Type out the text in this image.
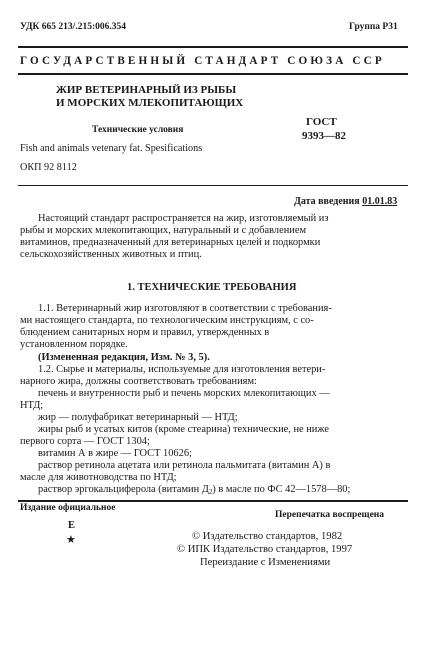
УДК 665 213/.215:006.354	Группа Р31
ГОСУДАРСТВЕННЫЙ СТАНДАРТ СОЮЗА ССР
ЖИР ВЕТЕРИНАРНЫЙ ИЗ РЫБЫ
И МОРСКИХ МЛЕКОПИТАЮЩИХ
Технические условия
ГОСТ
9393—82
Fish and animals vetenary fat. Spesifications
ОКП 92 8112
Дата введения 01.01.83
Настоящий стандарт распространяется на жир, изготовляемый из
рыбы и морских млекопитающих, натуральный и с добавлением
витаминов, предназначенный для ветеринарных целей и подкормки
сельскохозяйственных животных и птиц.
1. ТЕХНИЧЕСКИЕ ТРЕБОВАНИЯ
1.1. Ветеринарный жир изготовляют в соответствии с требования-
ми настоящего стандарта, по технологическим инструкциям, с со-
блюдением санитарных норм и правил, утвержденных в
установленном порядке.
(Измененная редакция, Изм. № 3, 5).
1.2. Сырье и материалы, используемые для изготовления ветери-
нарного жира, должны соответствовать требованиям:
печень и внутренности рыб и печень морских млекопитающих —
НТД;
жир — полуфабрикат ветеринарный — НТД;
жиры рыб и усатых китов (кроме стеарина) технические, не ниже
первого сорта — ГОСТ 1304;
витамин А в жире — ГОСТ 10626;
раствор ретинола ацетата или ретинола пальмитата (витамин А) в
масле для животноводства по НТД;
раствор эргокальциферола (витамин $Д_2$) в масле по ФС 42—1578—80;
Издание официальное
Перепечатка воспрещена
Е
★	© Издательство стандартов, 1982
© ИПК Издательство стандартов, 1997
Переиздание с Изменениями
